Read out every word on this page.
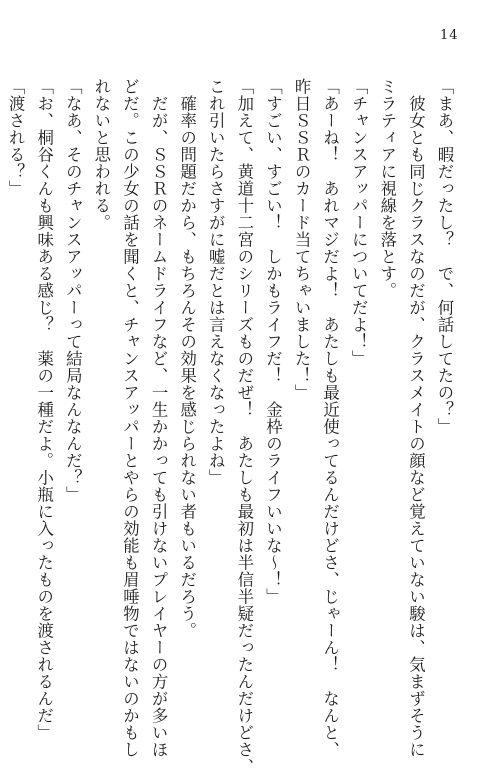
14
「まあ、暇だったし？　で、何話してたの？」
　彼女とも同じクラスなのだが、クラスメイトの顔など覚えていない駿は、気まずそうに
ミラティアに視線を落とす。
「チャンスアッパーについてだよ！」
「あーね！　あれマジだよ！　あたしも最近使ってるんだけどさ、じゃーん！　なんと、
昨日ＳＳＲのカード当てちゃいました！」
「すごい、すごい！　しかもライフだ！　金枠のライフいいな〜！」
「加えて、黄道十二宮のシリーズものだぜ！　あたしも最初は半信半疑だったんだけどさ、
これ引いたらさすがに嘘だとは言えなくなったよね」
　確率の問題だから、もちろんその効果を感じられない者もいるだろう。
　だが、ＳＳＲのネームドライフなど、一生かかっても引けないプレイヤーの方が多いほ
どだ。この少女の話を聞くと、チャンスアッパーとやらの効能も眉唾物ではないのかもし
れないと思われる。
「なあ、そのチャンスアッパーって結局なんなんだ？」
「お、桐谷くんも興味ある感じ？　薬の一種だよ。小瓶に入ったものを渡されるんだ」
「渡される？」
